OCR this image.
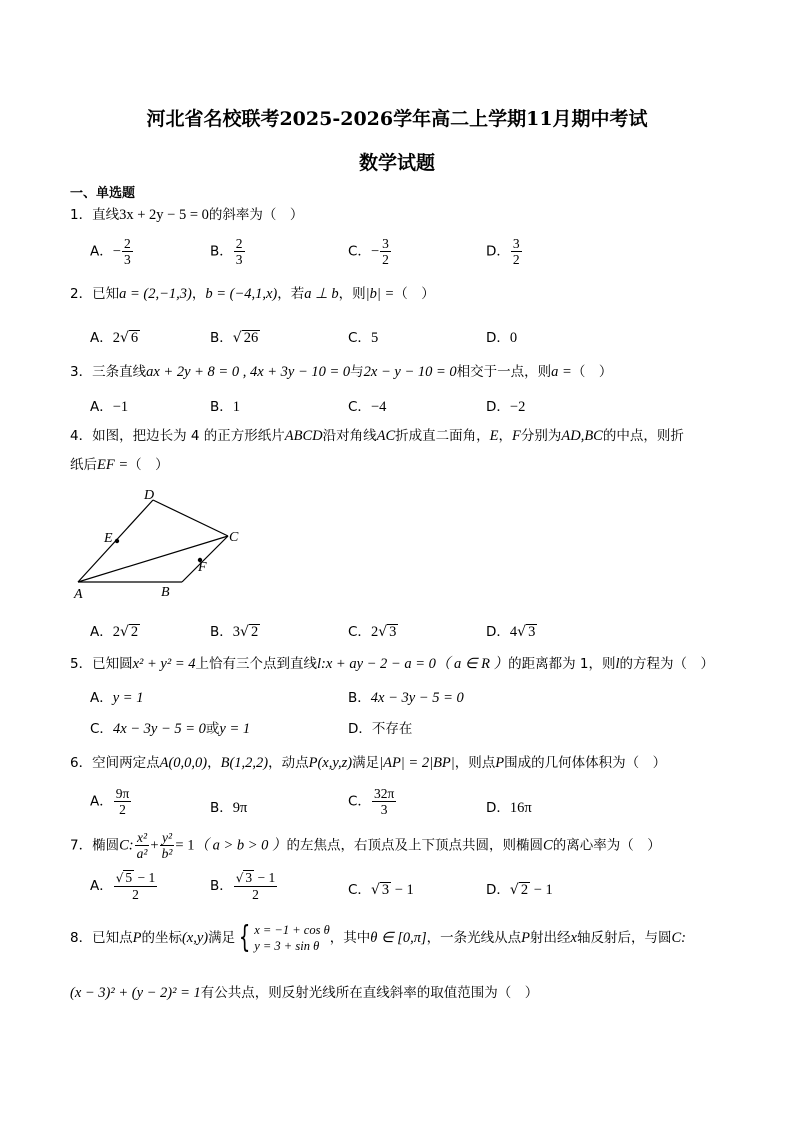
河北省名校联考2025-2026学年高二上学期11月期中考试
数学试题
一、单选题
1．直线3x + 2y − 5 = 0的斜率为（　）
A．− $\frac{2}{3}$	B． $\frac{2}{3}$	C．− $\frac{3}{2}$	D． $\frac{3}{2}$
2．已知a = (2,−1,3)，b = (−4,1,x)，若a ⊥ b，则|b| =（　）
A．2√ 6	B．√ 26	C．5	D．0
3．三条直线ax + 2y + 8 = 0 , 4x + 3y − 10 = 0与2x − y − 10 = 0相交于一点，则a =（　）
A．−1	B．1	C．−4	D．−2
4．如图，把边长为 4 的正方形纸片ABCD沿对角线AC折成直二面角，E，F分别为AD,BC的中点，则折
纸后EF =（　）
D
E	C
F
A	B
A．2√ 2	B．3√ 2	C．2√ 3	D．4√ 3
5．已知圆x² + y² = 4上恰有三个点到直线l:x + ay − 2 − a = 0（ a ∈ R ）的距离都为 1，则l的方程为（　）
A．y = 1	B．4x − 3y − 5 = 0
C．4x − 3y − 5 = 0或y = 1	D．不存在
6．空间两定点A(0,0,0)，B(1,2,2)，动点P(x,y,z)满足|AP| = 2|BP|，则点P围成的几何体体积为（　）
A． $\frac{9\pi}{2}$	B．9π	C． $\frac{32\pi}{3}$	D．16π
7．椭圆C: $\frac{\text{x²}}{\text{a²}} + \frac{\text{y²}}{\text{b²}} = 1$（ a > b > 0 ）的左焦点，右顶点及上下顶点共圆，则椭圆C的离心率为（　）
A． $\frac{√ 5 - 1}{2}$	B． $\frac{√ 3 - 1}{2}$	C．√ 3 − 1	D．√ 2 − 1
8．已知点P的坐标(x,y)满足 { x = −1 + cos θ
y = 3 + sin θ ，其中θ ∈ [0,π]，一条光线从点P射出经x轴反射后，与圆C:
(x − 3)² + (y − 2)² = 1有公共点，则反射光线所在直线斜率的取值范围为（　）
